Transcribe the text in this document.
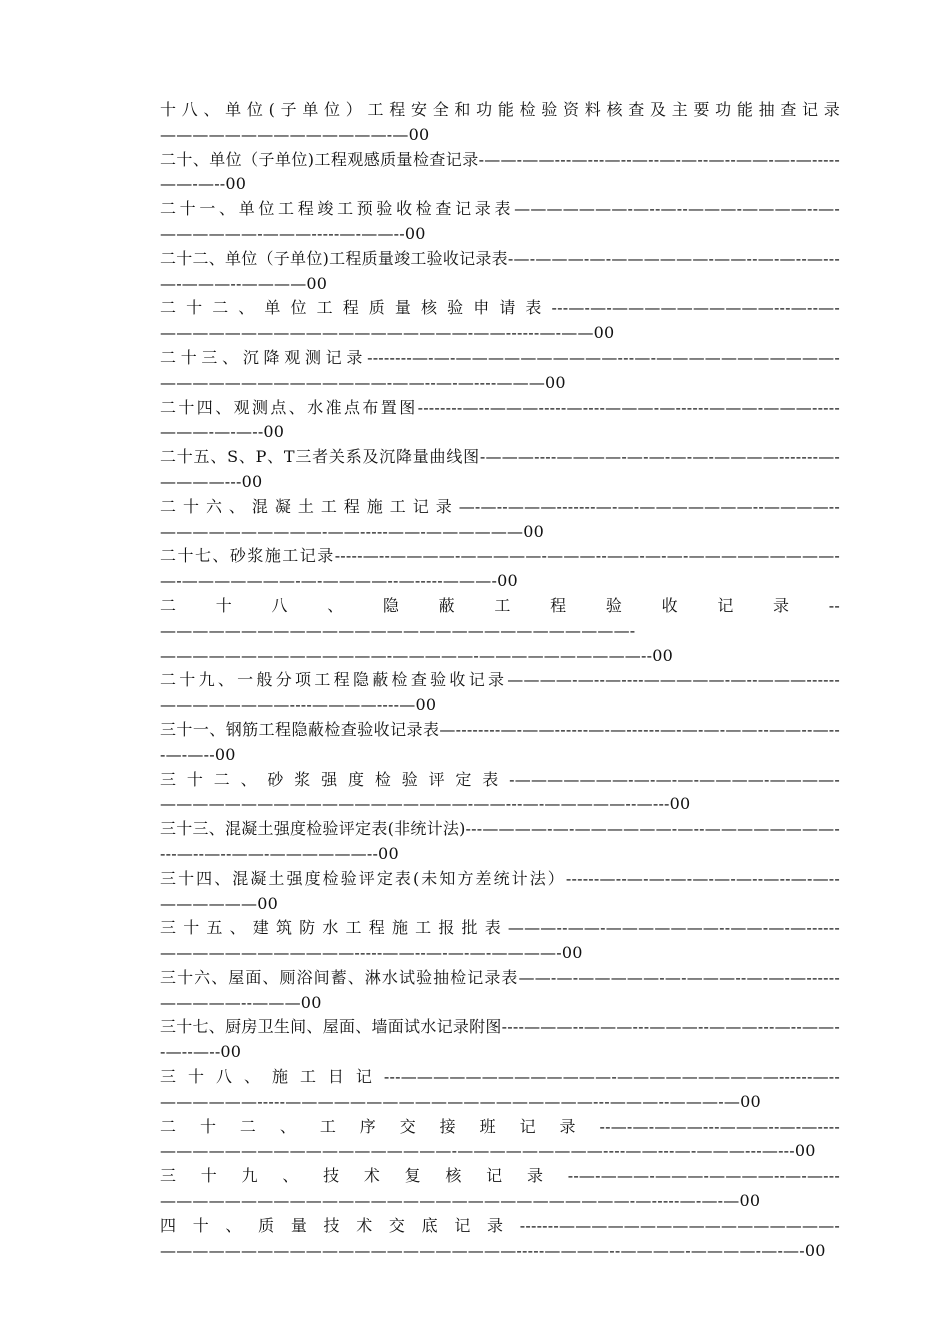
十八、单位(子单位）工程安全和功能检验资料核查及主要功能抽查记录——————————————-—00
二十、单位（子单位)工程观感质量检查记录-——-——---—---—--—--—-—--—--——-—-—-----——-—--00
二十一、单位工程竣工预验收检查记录表———————-—--—--———-————--—-——————-———-----—-——--00
二十二、单位（子单位)工程质量竣工验收记录表-—-———-—-——————-——--—-—--—---—-———--————00
二十二、单位工程质量核验申请表---—-—-——————————---—--—-———————————————————-——------—-——00
二十三、沉降观测记录--------—-—-——————————---—-———————————-——————————————-——--—-—----———00
二十四、观测点、水准点布置图--------—--———-----—----———-—------———-———-----———-—-—--00
二十五、S、P、T三者关系及沉降量曲线图-———----————-—-—-—-—-————-------—-————---00
二十六、混凝土工程施工记录—-—--———-------—-—-———————--————--——————————-——-----——-——————00
二十七、砂浆施工记录-----—--————-—————-———--——-—-—-—————————-—-———————-—-————--—-----———-00
二十八、隐蔽工程验收记录--—————————————————————————————-——————————————-—————-——————————--00
二十九、一般分项工程隐蔽检查验收记录————-—--—----—————-—--———------————————----————----—00
三十一、钢筋工程隐蔽检查验收记录表—--------—-——------—-—------—-—-—-——--——--—---—-—--00
三十二、砂浆强度检验评定表-———————-—-—-—-————-————-———————————————————-——---—-—————--—---00
三十三、混凝土强度检验评定表(非统计法)---————-—-——————-—--————————----—--—--——-——————--00
三十四、混凝土强度检验评定表(未知方差统计法）------—--—-—-—-—-—-—--—--—-—--——————00
三十五、建筑防水工程施工报批表———--——-———————--——-—-—------————————————-----——--—-—-—-————-00
三十六、屋面、厕浴间蓄、淋水试验抽检记录表——-—-—————-—-———--—-—-—------—————--———00
三十七、厨房卫生间、屋面、墙面试水记录附图----———--———---———--———---—--——--—--—--00
三十八、施工日记---—————————————-——————————------—--——————-----———————————————————---———--———-—00
二十二、工序交接班记录--—-—-———---———--—-—----——————————————————-—————————----——---—-———---—---00
三十九、技术复核记录--—-———-———-————--—-—---—————————————————————————————-—-----—-—-—00
四十、质量技术交底记录-------—————————————————-——————————————————————-----————--————-————-—-—-00
